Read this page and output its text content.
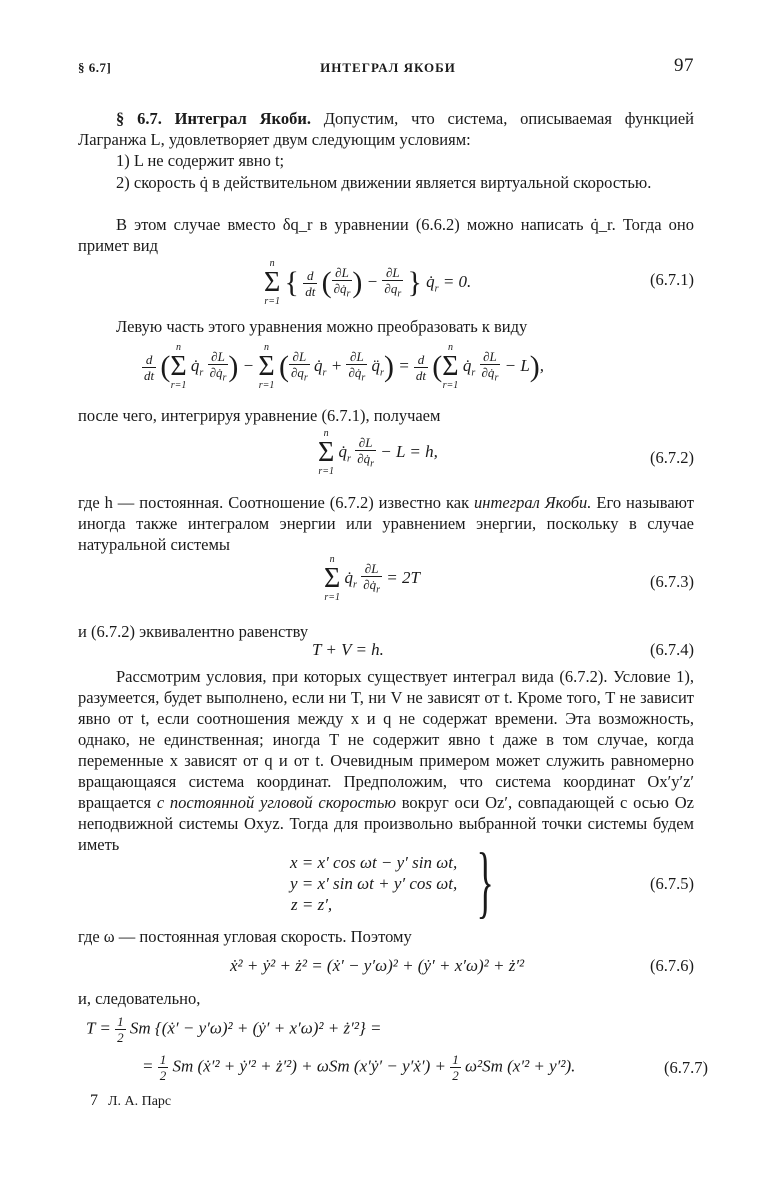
§ 6.7]	ИНТЕГРАЛ ЯКОБИ	97
§ 6.7. Интеграл Якоби. Допустим, что система, описываемая функцией Лагранжа L, удовлетворяет двум следующим условиям:
1) L не содержит явно t;
2) скорость q̇ в действительном движении является виртуальной скоростью.
В этом случае вместо δq_r в уравнении (6.6.2) можно написать q̇_r. Тогда оно примет вид
n
Σ
r=1
{ $\frac{d}{dt}$ ( $\frac{\partial L}{\partial q̇_r}$ ) − $\frac{\partial L}{\partial q_r}$ } $q̇_r = 0$.	(6.7.1)
Левую часть этого уравнения можно преобразовать к виду
$\frac{d}{dt}$ (
n
Σ
r=1
$q̇_r \frac{\partial L}{\partial q̇_r}$ ) −
n
Σ
r=1
( $\frac{\partial L}{\partial q_r}$ $q̇_r + \frac{\partial L}{\partial q̇_r}$ $q̈_r) = \frac{d}{dt}$ (
n
Σ
r=1
$q̇_r \frac{\partial L}{\partial q̇_r} - L$),
после чего, интегрируя уравнение (6.7.1), получаем
n
Σ
r=1
$q̇_r \frac{\partial L}{\partial q̇_r} - L = h$,	(6.7.2)
где h — постоянная. Соотношение (6.7.2) известно как интеграл Якоби. Его называют иногда также интегралом энергии или уравнением энергии, поскольку в случае натуральной системы
n
Σ
r=1
$q̇_r \frac{\partial L}{\partial q̇_r} = 2T$	(6.7.3)
и (6.7.2) эквивалентно равенству
T + V = h.	(6.7.4)
Рассмотрим условия, при которых существует интеграл вида (6.7.2). Условие 1), разумеется, будет выполнено, если ни T, ни V не зависят от t. Кроме того, T не зависит явно от t, если соотношения между x и q не содержат времени. Эта возможность, однако, не единственная; иногда T не содержит явно t даже в том случае, когда переменные x зависят от q и от t. Очевидным примером может служить равномерно вращающаяся система координат. Предположим, что система координат Ox′y′z′ вращается с постоянной угловой скоростью вокруг оси Oz′, совпадающей с осью Oz неподвижной системы Oxyz. Тогда для произвольно выбранной точки системы будем иметь
x = x′ cos ωt − y′ sin ωt,
y = x′ sin ωt + y′ cos ωt,
z = z′,	}	(6.7.5)
где ω — постоянная угловая скорость. Поэтому
ẋ² + ẏ² + ż² = (ẋ′ − y′ω)² + (ẏ′ + x′ω)² + ż′²	(6.7.6)
и, следовательно,
$T = \frac{1}{2}$ Sm {(ẋ′ − y′ω)² + (ẏ′ + x′ω)² + ż′²} =
= $\frac{1}{2}$ Sm (ẋ′² + ẏ′² + ż′²) + ωSm (x′ẏ′ − y′ẋ′) + $\frac{1}{2} \omega^2Sm$ (x′² + y′²).	(6.7.7)
7 Л. А. Парс
